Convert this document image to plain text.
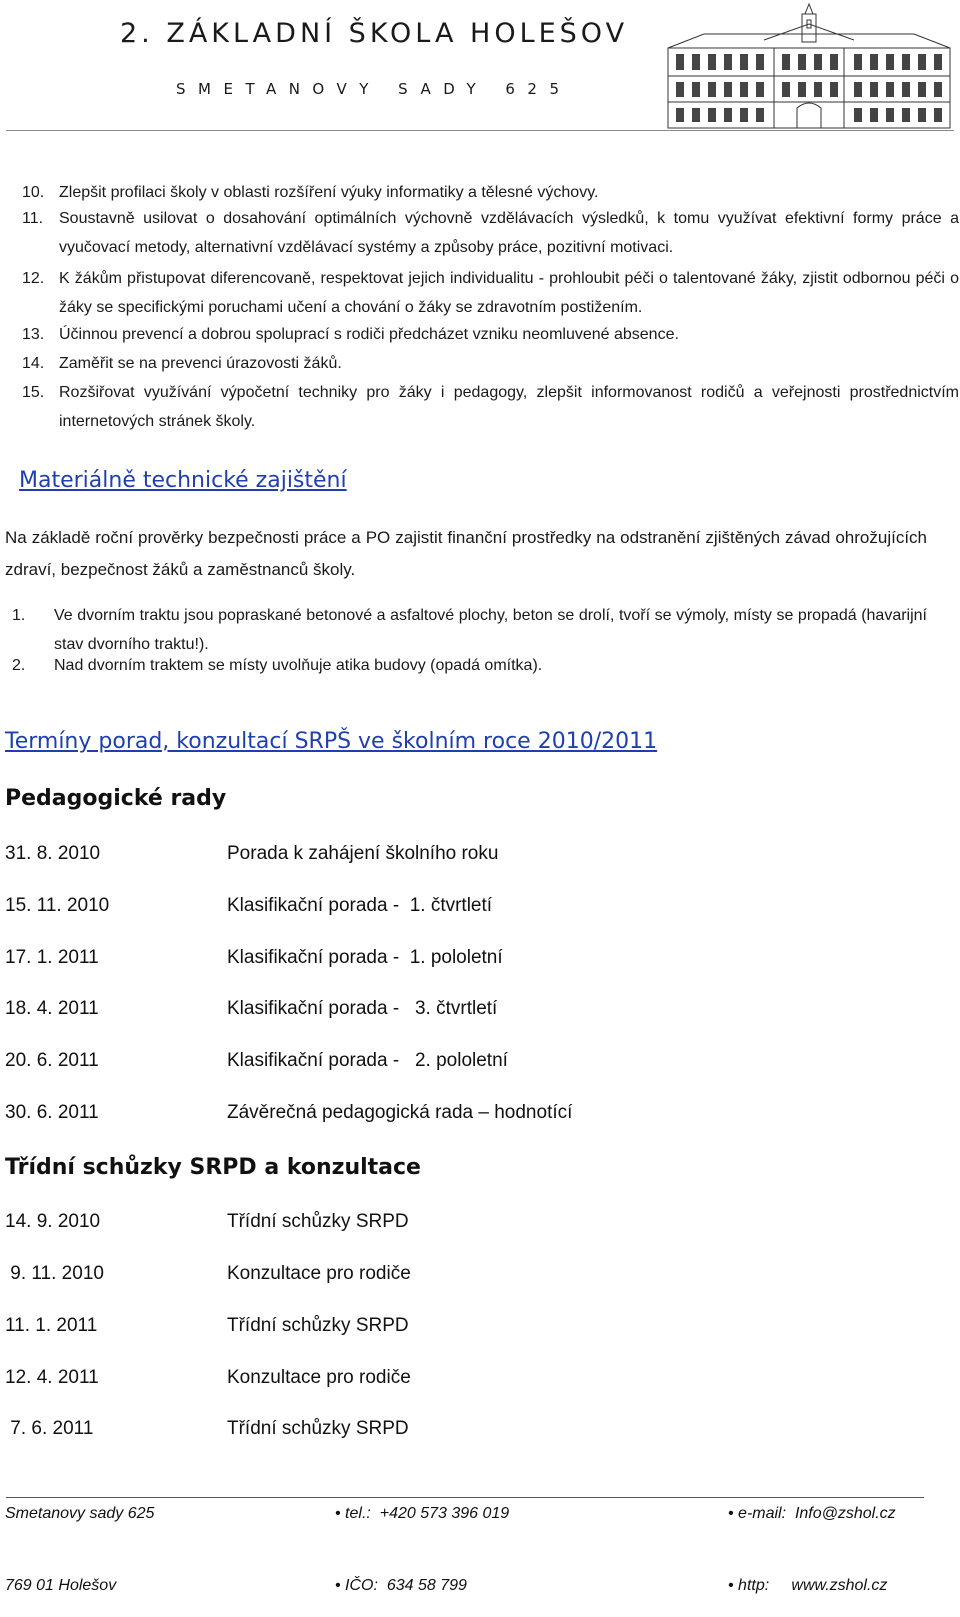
2. ZÁKLADNÍ ŠKOLA HOLEŠOV
SMETANOVY SADY 625
10. Zlepšit profilaci školy v oblasti rozšíření výuky informatiky a tělesné výchovy.
11. Soustavně usilovat o dosahování optimálních výchovně vzdělávacích výsledků, k tomu využívat efektivní formy práce a vyučovací metody, alternativní vzdělávací systémy a způsoby práce, pozitivní motivaci.
12. K žákům přistupovat diferencovaně, respektovat jejich individualitu - prohloubit péči o talentované žáky, zjistit odbornou péči o žáky se specifickými poruchami učení a chování o žáky se zdravotním postižením.
13. Účinnou prevencí a dobrou spoluprací s rodiči předcházet vzniku neomluvené absence.
14. Zaměřit se na prevenci úrazovosti žáků.
15. Rozšiřovat využívání výpočetní techniky pro žáky i pedagogy, zlepšit informovanost rodičů a veřejnosti prostřednictvím internetových stránek školy.
Materiálně technické zajištění
Na základě roční prověrky bezpečnosti práce a PO zajistit finanční prostředky na odstranění zjištěných závad ohrožujících zdraví, bezpečnost žáků a zaměstnanců školy.
1. Ve dvorním traktu jsou popraskané betonové a asfaltové plochy, beton se drolí, tvoří se výmoly, místy se propadá (havarijní stav dvorního traktu!).
2. Nad dvorním traktem se místy uvolňuje atika budovy (opadá omítka).
Termíny porad, konzultací SRPŠ ve školním roce 2010/2011
Pedagogické rady
31. 8. 2010	Porada k zahájení školního roku
15. 11. 2010	Klasifikační porada -  1. čtvrtletí
17. 1. 2011	Klasifikační porada -  1. pololetní
18. 4. 2011	Klasifikační porada -   3. čtvrtletí
20. 6. 2011	Klasifikační porada -   2. pololetní
30. 6. 2011	Závěrečná pedagogická rada – hodnotící
Třídní schůzky SRPD a konzultace
14. 9. 2010	Třídní schůzky SRPD
9. 11. 2010	Konzultace pro rodiče
11. 1. 2011	Třídní schůzky SRPD
12. 4. 2011	Konzultace pro rodiče
7. 6. 2011	Třídní schůzky SRPD
Smetanovy sady 625	• tel.:  +420 573 396 019	• e-mail:  Info@zshol.cz
769 01 Holešov	• IČO:  634 58 799	• http:     www.zshol.cz
